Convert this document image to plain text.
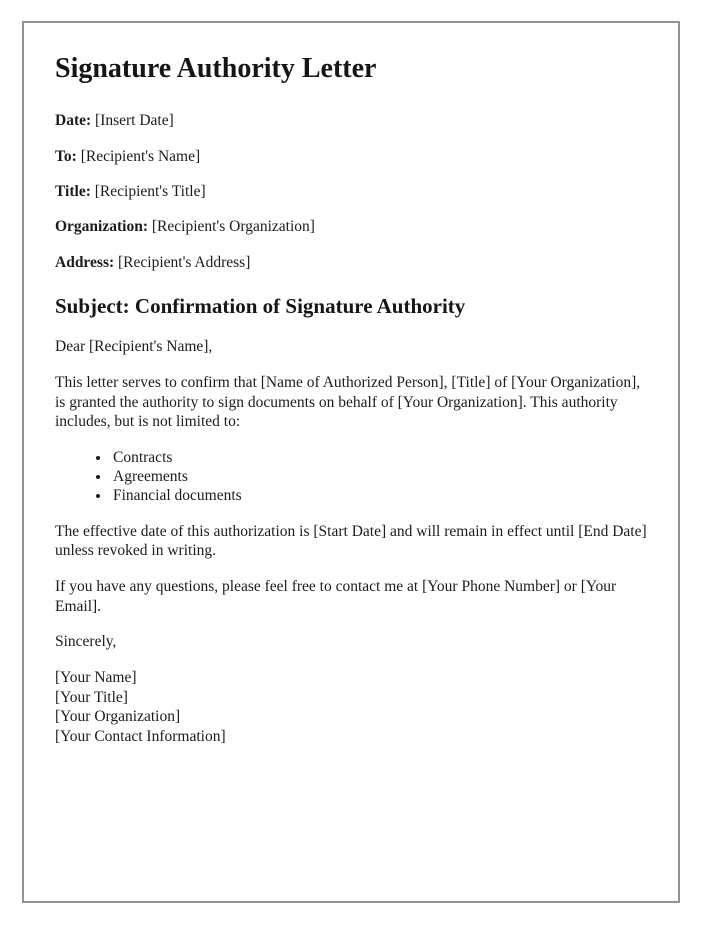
Signature Authority Letter

Date: [Insert Date]

To: [Recipient's Name]

Title: [Recipient's Title]

Organization: [Recipient's Organization]

Address: [Recipient's Address]

Subject: Confirmation of Signature Authority

Dear [Recipient's Name],

This letter serves to confirm that [Name of Authorized Person], [Title] of [Your Organization], is granted the authority to sign documents on behalf of [Your Organization]. This authority includes, but is not limited to:

• Contracts
• Agreements
• Financial documents

The effective date of this authorization is [Start Date] and will remain in effect until [End Date] unless revoked in writing.

If you have any questions, please feel free to contact me at [Your Phone Number] or [Your Email].

Sincerely,

[Your Name]
[Your Title]
[Your Organization]
[Your Contact Information]
